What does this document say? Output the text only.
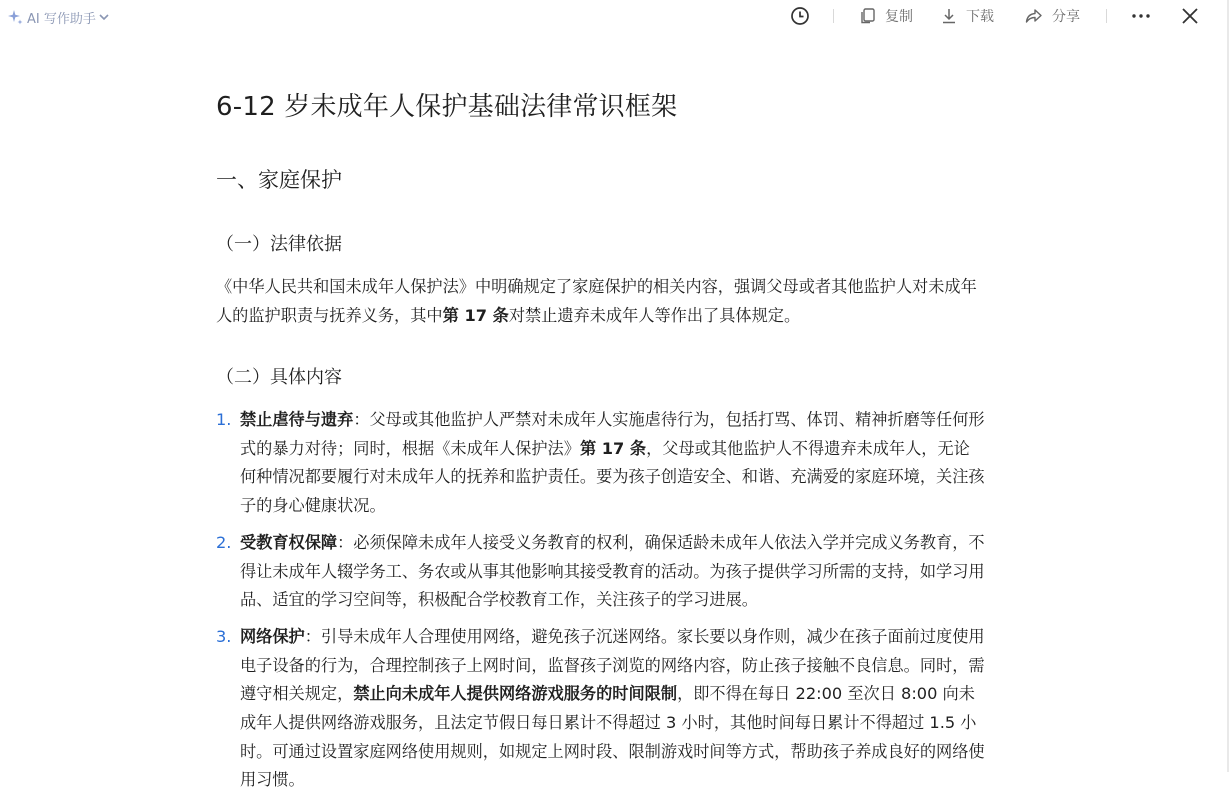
AI 写作助手	复制	下载	分享
6-12 岁未成年人保护基础法律常识框架
一、家庭保护
（一）法律依据
《中华人民共和国未成年人保护法》中明确规定了家庭保护的相关内容，强调父母或者其他监护人对未成年人的监护职责与抚养义务，其中第 17 条对禁止遗弃未成年人等作出了具体规定。
（二）具体内容
1. 禁止虐待与遗弃：父母或其他监护人严禁对未成年人实施虐待行为，包括打骂、体罚、精神折磨等任何形式的暴力对待；同时，根据《未成年人保护法》第 17 条，父母或其他监护人不得遗弃未成年人，无论何种情况都要履行对未成年人的抚养和监护责任。要为孩子创造安全、和谐、充满爱的家庭环境，关注孩子的身心健康状况。
2. 受教育权保障：必须保障未成年人接受义务教育的权利，确保适龄未成年人依法入学并完成义务教育，不得让未成年人辍学务工、务农或从事其他影响其接受教育的活动。为孩子提供学习所需的支持，如学习用品、适宜的学习空间等，积极配合学校教育工作，关注孩子的学习进展。
3. 网络保护：引导未成年人合理使用网络，避免孩子沉迷网络。家长要以身作则，减少在孩子面前过度使用电子设备的行为，合理控制孩子上网时间，监督孩子浏览的网络内容，防止孩子接触不良信息。同时，需遵守相关规定，禁止向未成年人提供网络游戏服务的时间限制，即不得在每日 22:00 至次日 8:00 向未成年人提供网络游戏服务，且法定节假日每日累计不得超过 3 小时，其他时间每日累计不得超过 1.5 小时。可通过设置家庭网络使用规则，如规定上网时段、限制游戏时间等方式，帮助孩子养成良好的网络使用习惯。
